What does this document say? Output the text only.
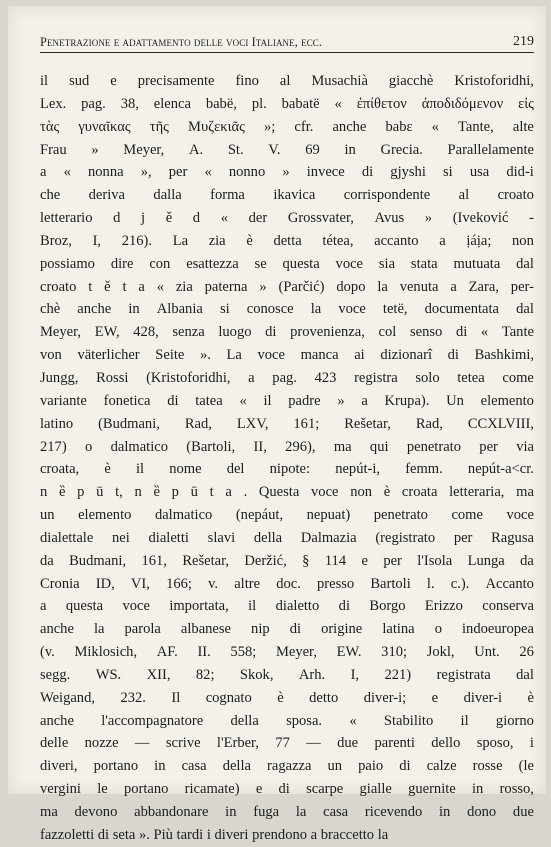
Penetrazione e adattamento delle voci Italiane, ecc.	219
il sud e precisamente fino al Musachià giacchè Kristoforidhi,
Lex. pag. 38, elenca babë, pl. babatë « ἐπίθετον ἀποδιδόμενον εἰς
τὰς γυναῖκας τῆς Μυζεκιᾶς »; cfr. anche babε « Tante, alte
Frau » Meyer, A. St. V. 69 in Grecia. Parallelamente
a « nonna », per « nonno » invece di gjyshi si usa did-i
che deriva dalla forma ikavica corrispondente al croato
letterario d j ě d « der Grossvater, Avus » (Iveković -
Broz, I, 216). La zia è detta tétea, accanto a ịáịa; non
possiamo dire con esattezza se questa voce sia stata mutuata dal
croato t ě t a « zia paterna » (Parčić) dopo la venuta a Zara, per-
chè anche in Albania si conosce la voce tetë, documentata dal
Meyer, EW, 428, senza luogo di provenienza, col senso di « Tante
von väterlicher Seite ». La voce manca ai dizionarî di Bashkimi,
Jungg, Rossi (Kristoforidhi, a pag. 423 registra solo tetea come
variante fonetica di tatea « il padre » a Krupa). Un elemento
latino (Budmani, Rad, LXV, 161; Rešetar, Rad, CCXLVIII,
217) o dalmatico (Bartoli, II, 296), ma qui penetrato per via
croata, è il nome del nipote: nepút-i, femm. nepút-a<cr.
n ȅ p ū t, n ȅ p ū t a . Questa voce non è croata letteraria, ma
un elemento dalmatico (nepáut, nepuat) penetrato come voce
dialettale nei dialetti slavi della Dalmazia (registrato per Ragusa
da Budmani, 161, Rešetar, Deržić, § 114 e per l'Isola Lunga da
Cronia ID, VI, 166; v. altre doc. presso Bartoli l. c.). Accanto
a questa voce importata, il dialetto di Borgo Erizzo conserva
anche la parola albanese nip di origine latina o indoeuropea
(v. Miklosich, AF. II. 558; Meyer, EW. 310; Jokl, Unt. 26
segg. WS. XII, 82; Skok, Arh. I, 221) registrata dal
Weigand, 232. Il cognato è detto diver-i; e diver-i è
anche l'accompagnatore della sposa. « Stabilito il giorno
delle nozze — scrive l'Erber, 77 — due parenti dello sposo, i
diveri, portano in casa della ragazza un paio di calze rosse (le
vergini le portano ricamate) e di scarpe gialle guernite in rosso,
ma devono abbandonare in fuga la casa ricevendo in dono due
fazzoletti di seta ». Più tardi i diveri prendono a braccetto la
